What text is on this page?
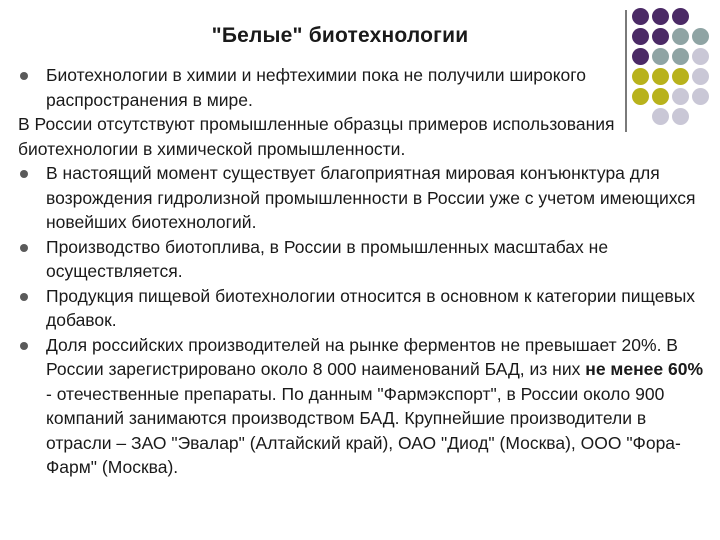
"Белые" биотехнологии

Биотехнологии в химии и нефтехимии пока не получили широкого распространения в мире.

В России отсутствуют промышленные образцы примеров использования биотехнологии в химической промышленности.

В настоящий момент существует благоприятная мировая конъюнктура для возрождения гидролизной промышленности в России уже с учетом имеющихся новейших биотехнологий.

Производство биотоплива, в России в промышленных масштабах не осуществляется.

Продукция пищевой биотехнологии относится в основном к категории пищевых добавок.

Доля российских производителей на рынке ферментов не превышает 20%. В России зарегистрировано около 8 000 наименований БАД, из них не менее 60% - отечественные препараты. По данным "Фармэкспорт", в России около 900 компаний занимаются производством БАД. Крупнейшие производители в отрасли – ЗАО "Эвалар" (Алтайский край), ОАО "Диод" (Москва), ООО "Фора-Фарм" (Москва).
